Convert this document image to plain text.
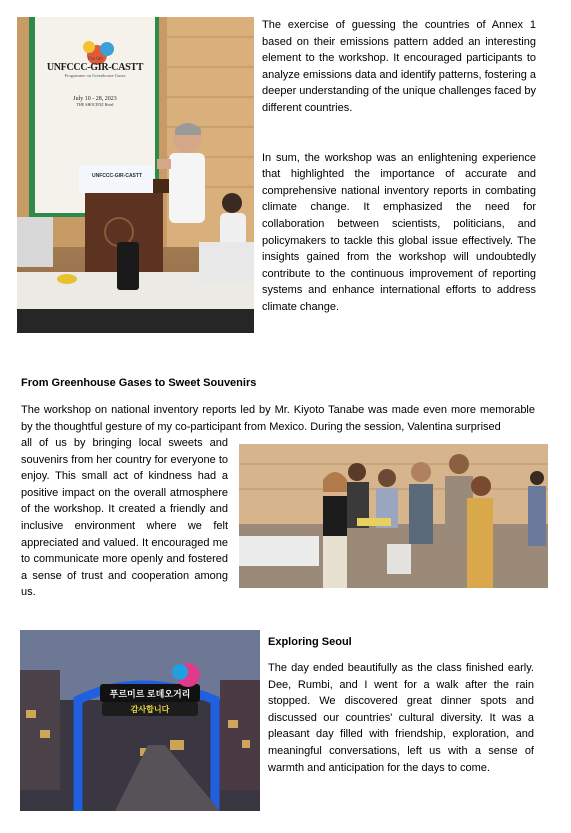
The 6th
UNFCCC-GIR-CASTT
Programme on Greenhouse Gases
July 10 - 28, 2023
THE SHOCENZ Hotel
UNFCCC-GIR-CASTT

The exercise of guessing the countries of Annex 1 based on their emissions pattern added an interesting element to the workshop. It encouraged participants to analyze emissions data and identify patterns, fostering a deeper understanding of the unique challenges faced by different countries.

In sum, the workshop was an enlightening experience that highlighted the importance of accurate and comprehensive national inventory reports in combating climate change. It emphasized the need for collaboration between scientists, politicians, and policymakers to tackle this global issue effectively. The insights gained from the workshop will undoubtedly contribute to the continuous improvement of reporting systems and enhance international efforts to address climate change.

From Greenhouse Gases to Sweet Souvenirs
The workshop on national inventory reports led by Mr. Kiyoto Tanabe was made even more memorable by the thoughtful gesture of my co-participant from Mexico. During the session, Valentina surprised
all of us by bringing local sweets and souvenirs from her country for everyone to enjoy. This small act of kindness had a positive impact on the overall atmosphere of the workshop. It created a friendly and inclusive environment where we felt appreciated and valued. It encouraged me to communicate more openly and fostered a sense of trust and cooperation among us.
푸르미르 로데오거리
감사합니다
Exploring Seoul
The day ended beautifully as the class finished early. Dee, Rumbi, and I went for a walk after the rain stopped. We discovered great dinner spots and discussed our countries' cultural diversity. It was a pleasant day filled with friendship, exploration, and meaningful conversations, left us with a sense of warmth and anticipation for the days to come.
